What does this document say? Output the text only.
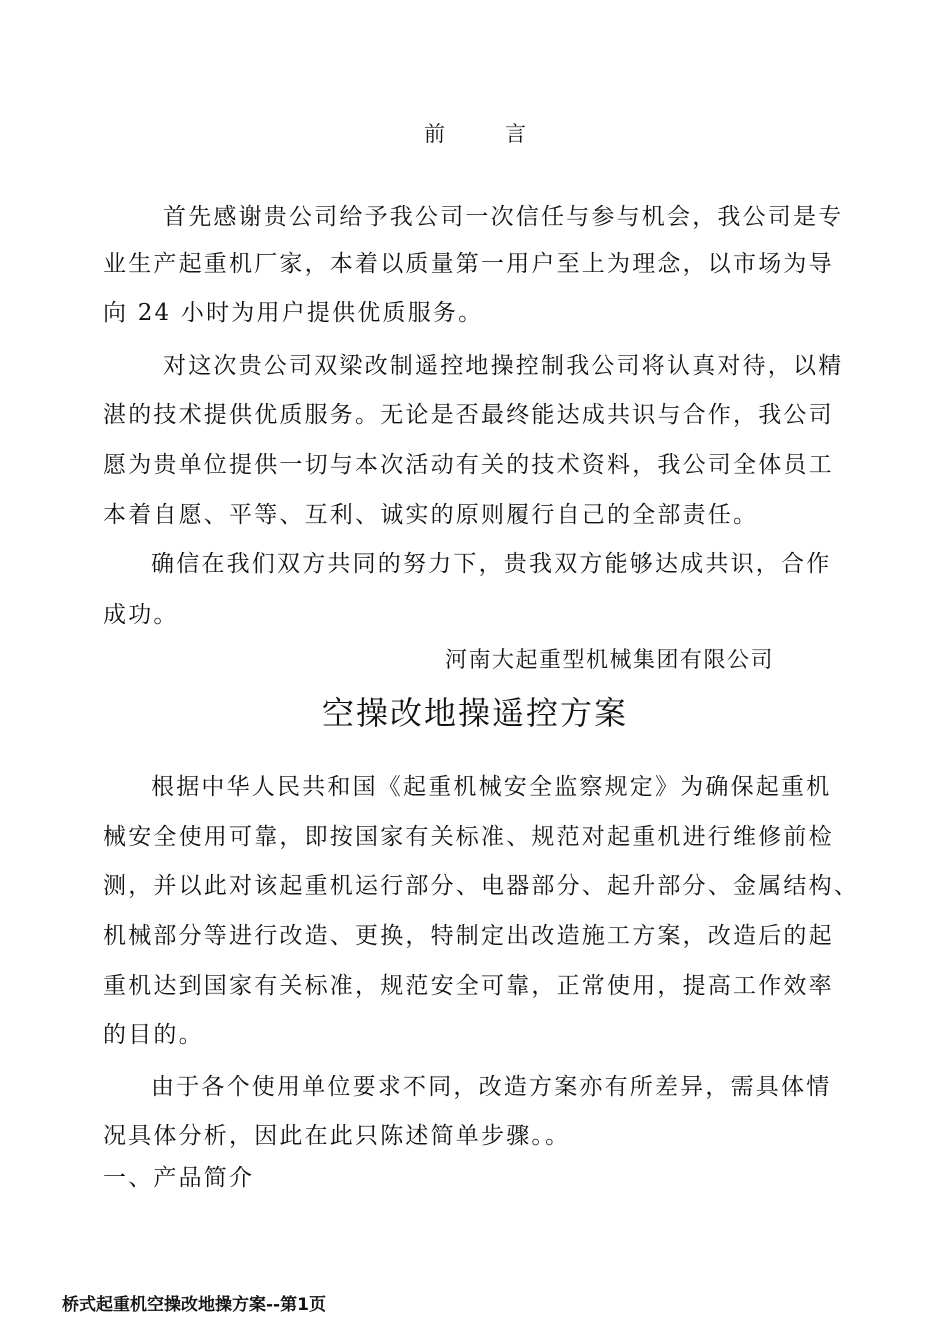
前言
首先感谢贵公司给予我公司一次信任与参与机会，我公司是专
业生产起重机厂家，本着以质量第一用户至上为理念，以市场为导
向 24 小时为用户提供优质服务。
对这次贵公司双梁改制遥控地操控制我公司将认真对待，以精
湛的技术提供优质服务。无论是否最终能达成共识与合作，我公司
愿为贵单位提供一切与本次活动有关的技术资料，我公司全体员工
本着自愿、平等、互利、诚实的原则履行自己的全部责任。
确信在我们双方共同的努力下，贵我双方能够达成共识，合作
成功。
河南大起重型机械集团有限公司
空操改地操遥控方案
根据中华人民共和国《起重机械安全监察规定》为确保起重机
械安全使用可靠，即按国家有关标准、规范对起重机进行维修前检
测，并以此对该起重机运行部分、电器部分、起升部分、金属结构、
机械部分等进行改造、更换，特制定出改造施工方案，改造后的起
重机达到国家有关标准，规范安全可靠，正常使用，提高工作效率
的目的。
由于各个使用单位要求不同，改造方案亦有所差异，需具体情
况具体分析，因此在此只陈述简单步骤。。
一、产品简介
桥式起重机空操改地操方案--第1页
